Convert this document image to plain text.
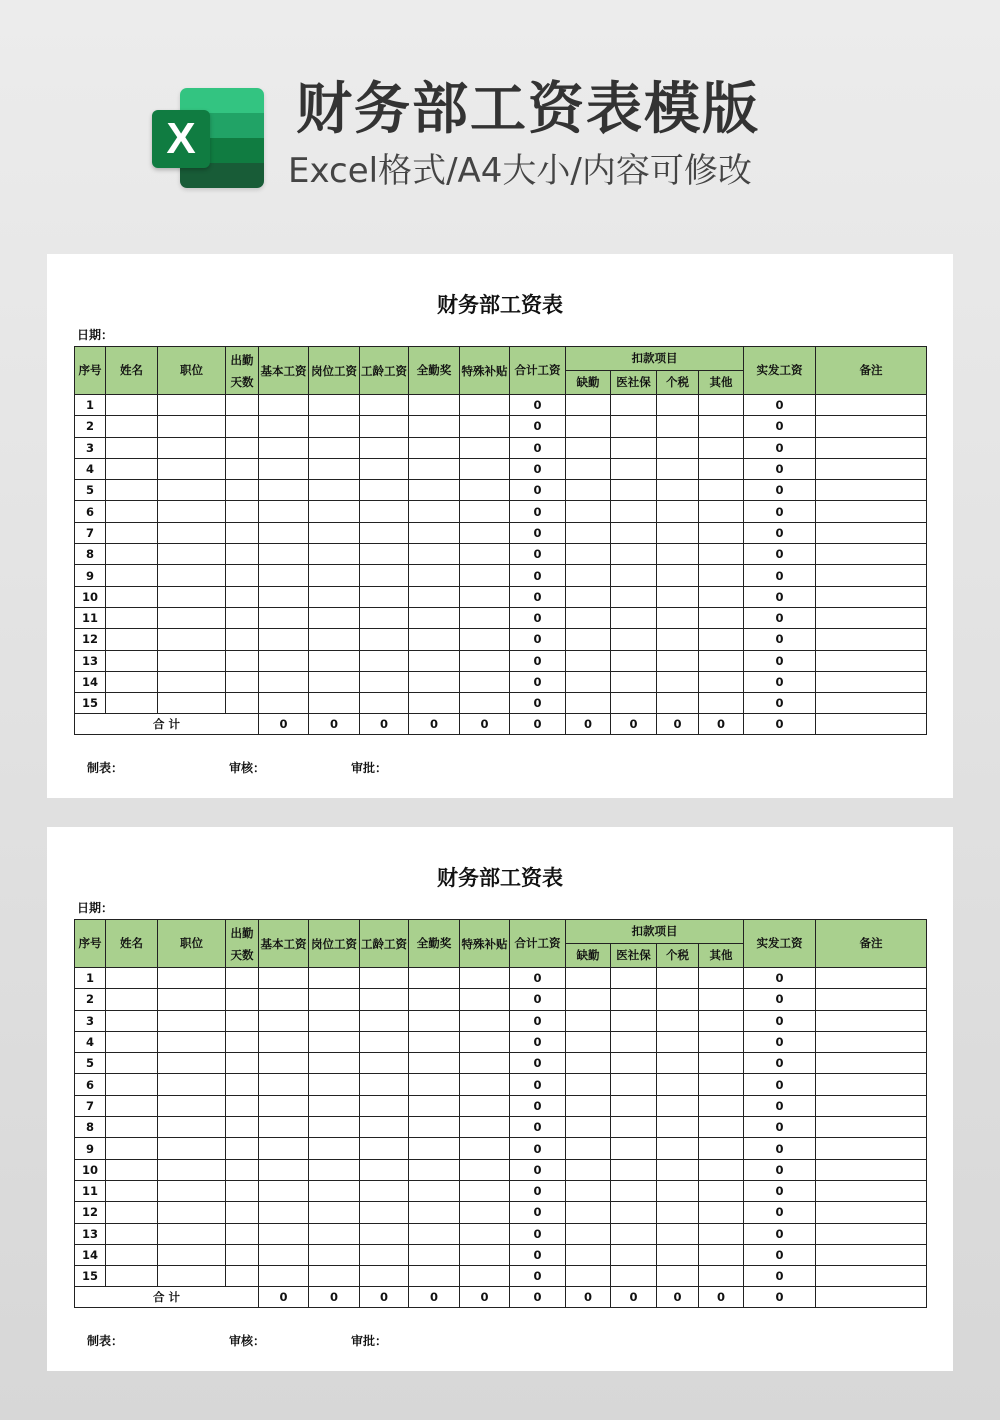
X 财务部工资表模版
Excel格式/A4大小/内容可修改
财务部工资表
日期：
序号	姓名	职位	出勤天数	基本工资	岗位工资	工龄工资	全勤奖	特殊补贴	合计工资	扣款项目				实发工资	备注
										缺勤	医社保	个税	其他		
1									0					0	
2									0					0	
3									0					0	
4									0					0	
5									0					0	
6									0					0	
7									0					0	
8									0					0	
9									0					0	
10									0					0	
11									0					0	
12									0					0	
13									0					0	
14									0					0	
15									0					0	
合 计				0	0	0	0	0	0	0	0	0	0	0	
制表：	审核：	审批：
财务部工资表
日期：
序号	姓名	职位	出勤天数	基本工资	岗位工资	工龄工资	全勤奖	特殊补贴	合计工资	扣款项目				实发工资	备注
										缺勤	医社保	个税	其他		
1									0					0	
2									0					0	
3									0					0	
4									0					0	
5									0					0	
6									0					0	
7									0					0	
8									0					0	
9									0					0	
10									0					0	
11									0					0	
12									0					0	
13									0					0	
14									0					0	
15									0					0	
合 计				0	0	0	0	0	0	0	0	0	0	0	
制表：	审核：	审批：
